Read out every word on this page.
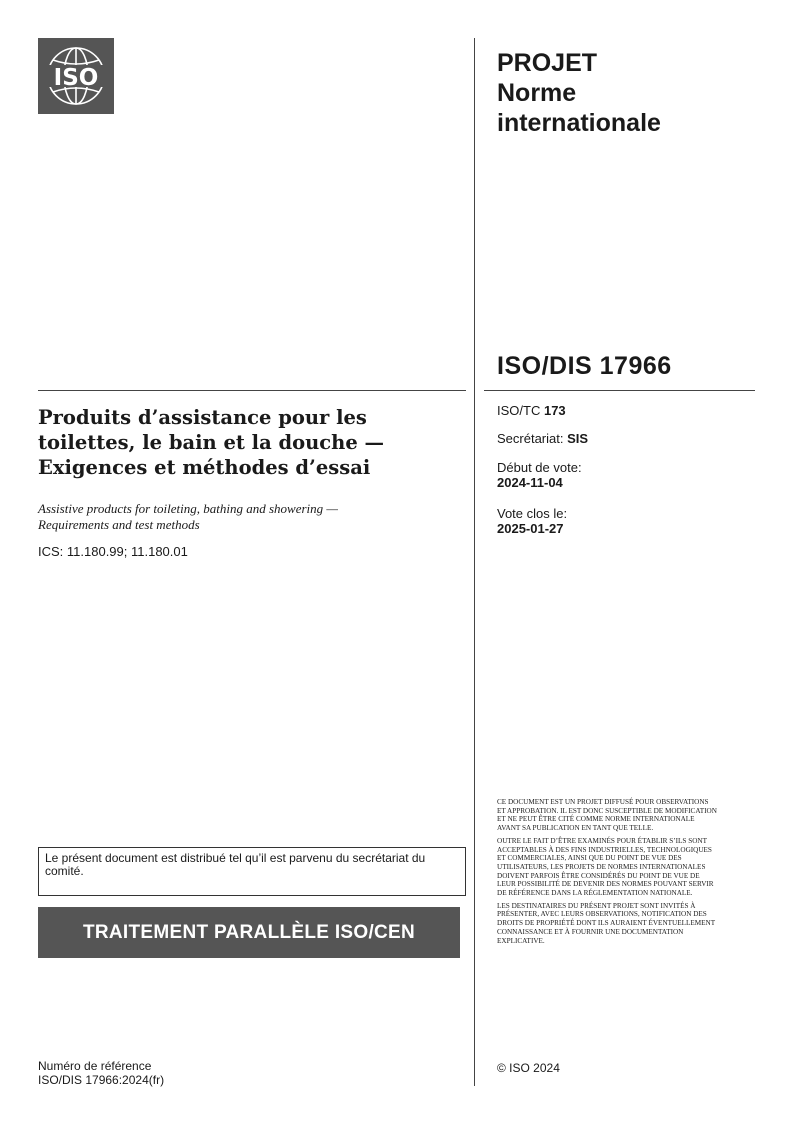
ISO
PROJET
Norme
internationale
ISO/DIS 17966
Produits d’assistance pour les
toilettes, le bain et la douche —
Exigences et méthodes d’essai
Assistive products for toileting, bathing and showering —
Requirements and test methods
ICS: 11.180.99; 11.180.01
ISO/TC 173
Secrétariat: SIS
Début de vote:
2024-11-04
Vote clos le:
2025-01-27
Le présent document est distribué tel qu’il est parvenu du secrétariat du comité.
TRAITEMENT PARALLÈLE ISO/CEN
Numéro de référence
ISO/DIS 17966:2024(fr)

CE DOCUMENT EST UN PROJET DIFFUSÉ POUR OBSERVATIONS ET APPROBATION. IL EST DONC SUSCEPTIBLE DE MODIFICATION ET NE PEUT ÊTRE CITÉ COMME NORME INTERNATIONALE AVANT SA PUBLICATION EN TANT QUE TELLE.

OUTRE LE FAIT D’ÊTRE EXAMINÉS POUR ÉTABLIR S’ILS SONT ACCEPTABLES À DES FINS INDUSTRIELLES, TECHNOLOGIQUES ET COMMERCIALES, AINSI QUE DU POINT DE VUE DES UTILISATEURS, LES PROJETS DE NORMES INTERNATIONALES DOIVENT PARFOIS ÊTRE CONSIDÉRÉS DU POINT DE VUE DE LEUR POSSIBILITÉ DE DEVENIR DES NORMES POUVANT SERVIR DE RÉFÉRENCE DANS LA RÉGLEMENTATION NATIONALE.

LES DESTINATAIRES DU PRÉSENT PROJET SONT INVITÉS À PRÉSENTER, AVEC LEURS OBSERVATIONS, NOTIFICATION DES DROITS DE PROPRIÉTÉ DONT ILS AURAIENT ÉVENTUELLEMENT CONNAISSANCE ET À FOURNIR UNE DOCUMENTATION EXPLICATIVE.

© ISO 2024
